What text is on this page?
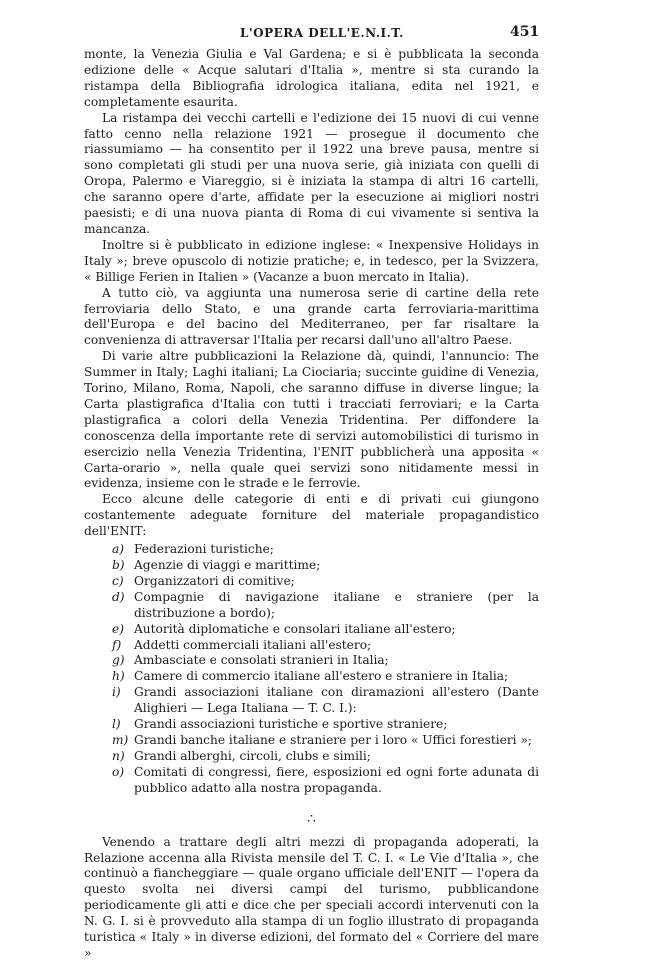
L'OPERA DELL'E.N.I.T.	451

monte, la Venezia Giulia e Val Gardena; e si è pubblicata la seconda edizione delle « Acque salutari d'Italia », mentre si sta curando la ristampa della Bibliografia idrologica italiana, edita nel 1921, e completamente esaurita.

La ristampa dei vecchi cartelli e l'edizione dei 15 nuovi di cui venne fatto cenno nella relazione 1921 — prosegue il documento che riassumiamo — ha consentito per il 1922 una breve pausa, mentre si sono completati gli studi per una nuova serie, già iniziata con quelli di Oropa, Palermo e Viareggio, si è iniziata la stampa di altri 16 cartelli, che saranno opere d'arte, affidate per la esecuzione ai migliori nostri paesisti; e di una nuova pianta di Roma di cui vivamente si sentiva la mancanza.

Inoltre si è pubblicato in edizione inglese: « Inexpensive Holidays in Italy »; breve opuscolo di notizie pratiche; e, in tedesco, per la Svizzera, « Billige Ferien in Italien » (Vacanze a buon mercato in Italia).

A tutto ciò, va aggiunta una numerosa serie di cartine della rete ferroviaria dello Stato, e una grande carta ferroviaria-marittima dell'Europa e del bacino del Mediterraneo, per far risaltare la convenienza di attraversar l'Italia per recarsi dall'uno all'altro Paese.

Di varie altre pubblicazioni la Relazione dà, quindi, l'annuncio: The Summer in Italy; Laghi italiani; La Ciociaria; succinte guidine di Venezia, Torino, Milano, Roma, Napoli, che saranno diffuse in diverse lingue; la Carta plastigrafica d'Italia con tutti i tracciati ferroviari; e la Carta plastigrafica a colori della Venezia Tridentina. Per diffondere la conoscenza della importante rete di servizi automobilistici di turismo in esercizio nella Venezia Tridentina, l'ENIT pubblicherà una apposita « Carta-orario », nella quale quei servizi sono nitidamente messi in evidenza, insieme con le strade e le ferrovie.

Ecco alcune delle categorie di enti e di privati cui giungono costantemente adeguate forniture del materiale propagandistico dell'ENIT:

a) Federazioni turistiche;
b) Agenzie di viaggi e marittime;
c) Organizzatori di comitive;
d) Compagnie di navigazione italiane e straniere (per la distribuzione a bordo);
e) Autorità diplomatiche e consolari italiane all'estero;
f) Addetti commerciali italiani all'estero;
g) Ambasciate e consolati stranieri in Italia;
h) Camere di commercio italiane all'estero e straniere in Italia;
i) Grandi associazioni italiane con diramazioni all'estero (Dante Alighieri — Lega Italiana — T. C. I.):
l) Grandi associazioni turistiche e sportive straniere;
m) Grandi banche italiane e straniere per i loro « Uffici forestieri »;
n) Grandi alberghi, circoli, clubs e simili;
o) Comitati di congressi, fiere, esposizioni ed ogni forte adunata di pubblico adatto alla nostra propaganda.
∴

Venendo a trattare degli altri mezzi di propaganda adoperati, la Relazione accenna alla Rivista mensile del T. C. I. « Le Vie d'Italia », che continuò a fiancheggiare — quale organo ufficiale dell'ENIT — l'opera da questo svolta nei diversi campi del turismo, pubblicandone periodicamente gli atti e dice che per speciali accordi intervenuti con la N. G. I. si è provveduto alla stampa di un foglio illustrato di propaganda turistica « Italy » in diverse edizioni, del formato del « Corriere del mare »
